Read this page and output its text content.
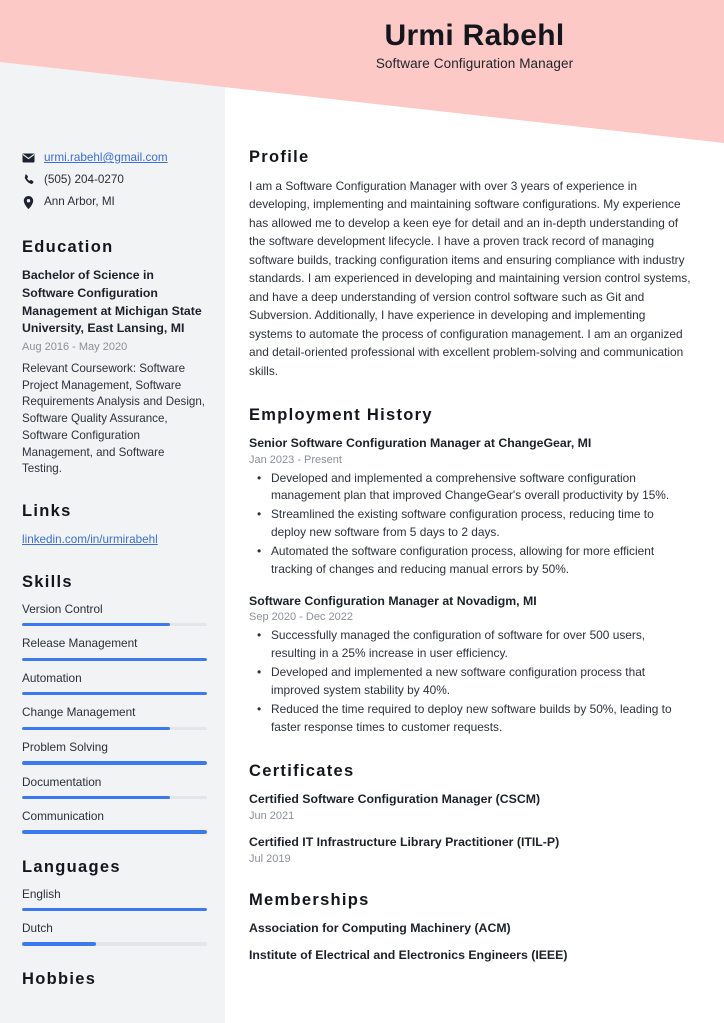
Urmi Rabehl
Software Configuration Manager
urmi.rabehl@gmail.com
(505) 204-0270
Ann Arbor, MI
Education
Bachelor of Science in Software Configuration Management at Michigan State University, East Lansing, MI
Aug 2016 - May 2020
Relevant Coursework: Software Project Management, Software Requirements Analysis and Design, Software Quality Assurance, Software Configuration Management, and Software Testing.
Links
linkedin.com/in/urmirabehl
Skills
Version Control
Release Management
Automation
Change Management
Problem Solving
Documentation
Communication
Languages
English
Dutch
Hobbies
Profile
I am a Software Configuration Manager with over 3 years of experience in developing, implementing and maintaining software configurations. My experience has allowed me to develop a keen eye for detail and an in-depth understanding of the software development lifecycle. I have a proven track record of managing software builds, tracking configuration items and ensuring compliance with industry standards. I am experienced in developing and maintaining version control systems, and have a deep understanding of version control software such as Git and Subversion. Additionally, I have experience in developing and implementing systems to automate the process of configuration management. I am an organized and detail-oriented professional with excellent problem-solving and communication skills.
Employment History
Senior Software Configuration Manager at ChangeGear, MI
Jan 2023 - Present
• Developed and implemented a comprehensive software configuration management plan that improved ChangeGear's overall productivity by 15%.
• Streamlined the existing software configuration process, reducing time to deploy new software from 5 days to 2 days.
• Automated the software configuration process, allowing for more efficient tracking of changes and reducing manual errors by 50%.
Software Configuration Manager at Novadigm, MI
Sep 2020 - Dec 2022
• Successfully managed the configuration of software for over 500 users, resulting in a 25% increase in user efficiency.
• Developed and implemented a new software configuration process that improved system stability by 40%.
• Reduced the time required to deploy new software builds by 50%, leading to faster response times to customer requests.
Certificates
Certified Software Configuration Manager (CSCM)
Jun 2021
Certified IT Infrastructure Library Practitioner (ITIL-P)
Jul 2019
Memberships
Association for Computing Machinery (ACM)
Institute of Electrical and Electronics Engineers (IEEE)
